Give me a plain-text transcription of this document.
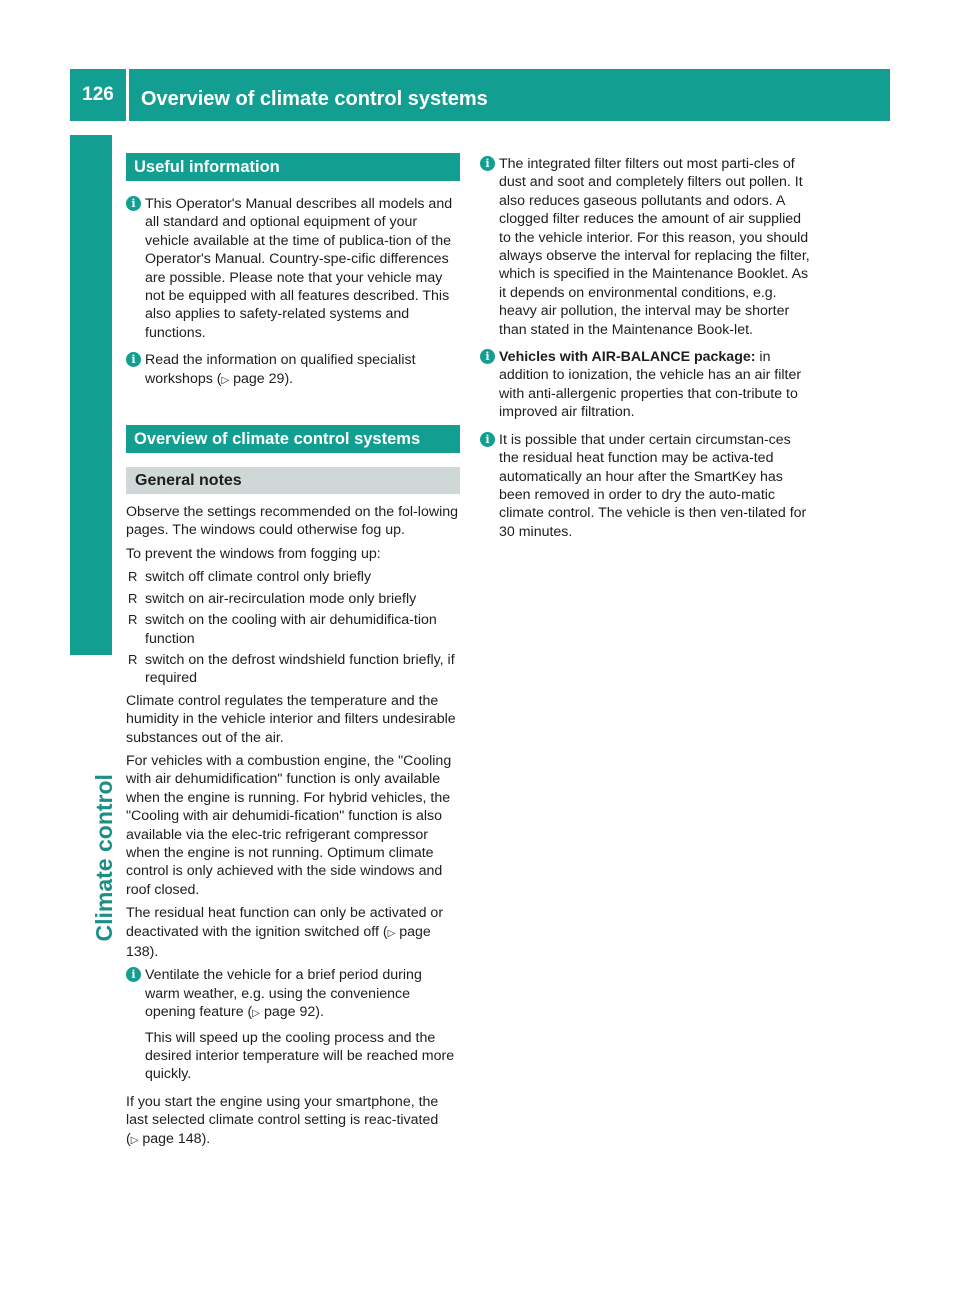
126	Overview of climate control systems
Climate control
Useful information
i This Operator's Manual describes all models and all standard and optional equipment of your vehicle available at the time of publica-tion of the Operator's Manual. Country-spe-cific differences are possible. Please note that your vehicle may not be equipped with all features described. This also applies to safety-related systems and functions.

i Read the information on qualified specialist workshops (▷ page 29).

Overview of climate control systems
General notes

Observe the settings recommended on the fol-lowing pages. The windows could otherwise fog up.

To prevent the windows from fogging up:

R switch off climate control only briefly
R switch on air-recirculation mode only briefly
R switch on the cooling with air dehumidifica-tion function
R switch on the defrost windshield function briefly, if required

Climate control regulates the temperature and the humidity in the vehicle interior and filters undesirable substances out of the air.

For vehicles with a combustion engine, the "Cooling with air dehumidification" function is only available when the engine is running. For hybrid vehicles, the "Cooling with air dehumidi-fication" function is also available via the elec-tric refrigerant compressor when the engine is not running. Optimum climate control is only achieved with the side windows and roof closed.

The residual heat function can only be activated or deactivated with the ignition switched off (▷ page 138).

i Ventilate the vehicle for a brief period during warm weather, e.g. using the convenience opening feature (▷ page 92).

This will speed up the cooling process and the desired interior temperature will be reached more quickly.

If you start the engine using your smartphone, the last selected climate control setting is reac-tivated (▷ page 148).

i The integrated filter filters out most parti-cles of dust and soot and completely filters out pollen. It also reduces gaseous pollutants and odors. A clogged filter reduces the amount of air supplied to the vehicle interior. For this reason, you should always observe the interval for replacing the filter, which is specified in the Maintenance Booklet. As it depends on environmental conditions, e.g. heavy air pollution, the interval may be shorter than stated in the Maintenance Book-let.

i Vehicles with AIR-BALANCE package: in addition to ionization, the vehicle has an air filter with anti-allergenic properties that con-tribute to improved air filtration.

i It is possible that under certain circumstan-ces the residual heat function may be activa-ted automatically an hour after the SmartKey has been removed in order to dry the auto-matic climate control. The vehicle is then ven-tilated for 30 minutes.
